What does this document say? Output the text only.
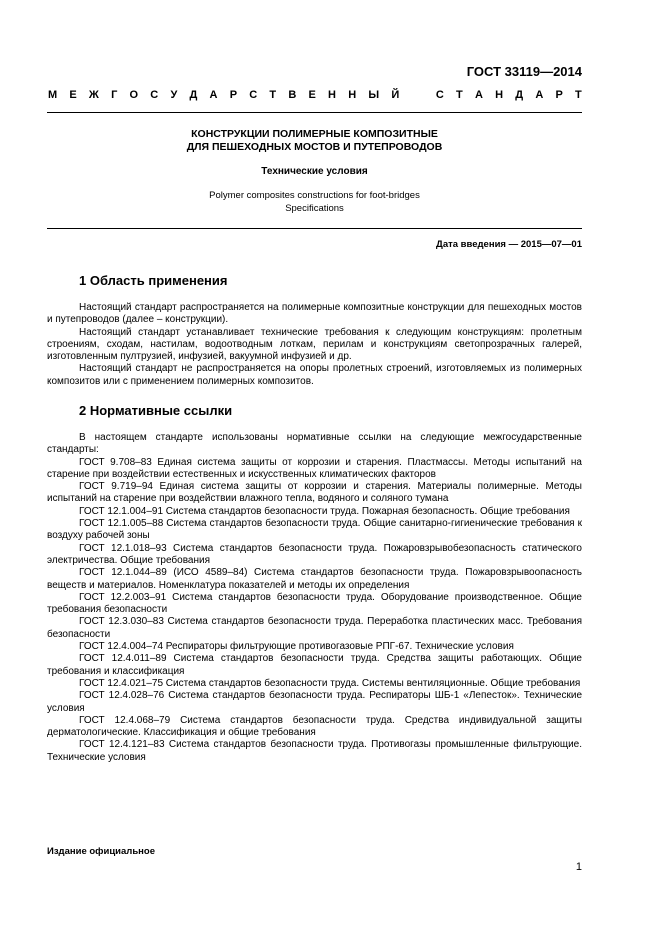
ГОСТ 33119—2014
М Е Ж Г О С У Д А Р С Т В Е Н Н Ы Й	С Т А Н Д А Р Т
КОНСТРУКЦИИ ПОЛИМЕРНЫЕ КОМПОЗИТНЫЕ
ДЛЯ ПЕШЕХОДНЫХ МОСТОВ И ПУТЕПРОВОДОВ
Технические условия
Polymer composites constructions for foot-bridges
Specifications
Дата введения — 2015—07—01
1 Область применения

Настоящий стандарт распространяется на полимерные композитные конструкции для пешеходных мостов и путепроводов (далее – конструкции).

Настоящий стандарт устанавливает технические требования к следующим конструкциям: пролетным строениям, сходам, настилам, водоотводным лоткам, перилам и конструкциям светопрозрачных галерей, изготовленным пултрузией, инфузией, вакуумной инфузией и др.

Настоящий стандарт не распространяется на опоры пролетных строений, изготовляемых из полимерных композитов или с применением полимерных композитов.

2 Нормативные ссылки

В настоящем стандарте использованы нормативные ссылки на следующие межгосударственные стандарты:

ГОСТ 9.708–83 Единая система защиты от коррозии и старения. Пластмассы. Методы испытаний на старение при воздействии естественных и искусственных климатических факторов

ГОСТ 9.719–94 Единая система защиты от коррозии и старения. Материалы полимерные. Методы испытаний на старение при воздействии влажного тепла, водяного и соляного тумана

ГОСТ 12.1.004–91 Система стандартов безопасности труда. Пожарная безопасность. Общие требования

ГОСТ 12.1.005–88 Система стандартов безопасности труда. Общие санитарно-гигиенические требования к воздуху рабочей зоны

ГОСТ 12.1.018–93 Система стандартов безопасности труда. Пожаровзрывобезопасность статического электричества. Общие требования

ГОСТ 12.1.044–89 (ИСО 4589–84) Система стандартов безопасности труда. Пожаровзрывоопасность веществ и материалов. Номенклатура показателей и методы их определения

ГОСТ 12.2.003–91 Система стандартов безопасности труда. Оборудование производственное. Общие требования безопасности

ГОСТ 12.3.030–83 Система стандартов безопасности труда. Переработка пластических масс. Требования безопасности

ГОСТ 12.4.004–74 Респираторы фильтрующие противогазовые РПГ-67. Технические условия

ГОСТ 12.4.011–89 Система стандартов безопасности труда. Средства защиты работающих. Общие требования и классификация

ГОСТ 12.4.021–75 Система стандартов безопасности труда. Системы вентиляционные. Общие требования

ГОСТ 12.4.028–76 Система стандартов безопасности труда. Респираторы ШБ-1 «Лепесток». Технические условия

ГОСТ 12.4.068–79 Система стандартов безопасности труда. Средства индивидуальной защиты дерматологические. Классификация и общие требования

ГОСТ 12.4.121–83 Система стандартов безопасности труда. Противогазы промышленные фильтрующие. Технические условия

Издание официальное
1
